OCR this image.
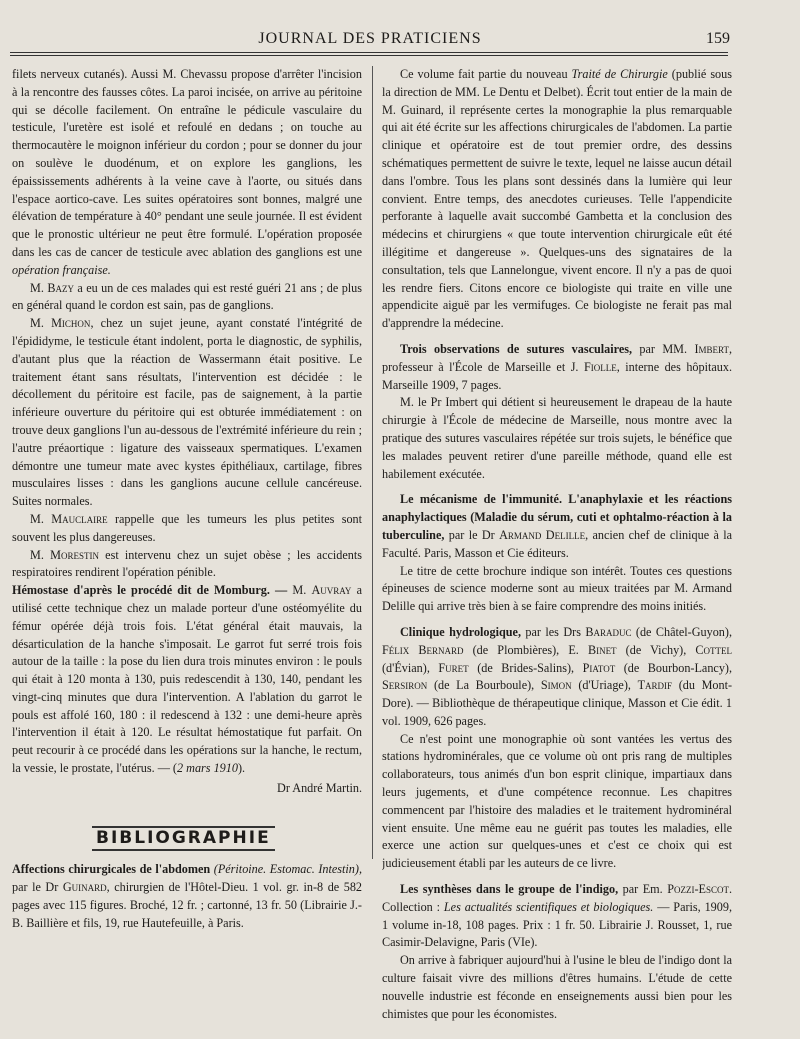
JOURNAL DES PRATICIENS	159

filets nerveux cutanés). Aussi M. Chevassu propose d'arrêter l'incision à la rencontre des fausses côtes. La paroi incisée, on arrive au péritoine qui se décolle facilement. On entraîne le pédicule vasculaire du testicule, l'uretère est isolé et refoulé en dedans ; on touche au thermocautère le moignon inférieur du cordon ; pour se donner du jour on soulève le duodénum, et on explore les ganglions, les épaississements adhérents à la veine cave à l'aorte, ou situés dans l'espace aortico-cave. Les suites opératoires sont bonnes, malgré une élévation de température à 40° pendant une seule journée. Il est évident que le pronostic ultérieur ne peut être formulé. L'opération proposée dans les cas de cancer de testicule avec ablation des ganglions est une opération française.

M. Bazy a eu un de ces malades qui est resté guéri 21 ans ; de plus en général quand le cordon est sain, pas de ganglions.

M. Michon, chez un sujet jeune, ayant constaté l'intégrité de l'épididyme, le testicule étant indolent, porta le diagnostic, de syphilis, d'autant plus que la réaction de Wassermann était positive. Le traitement étant sans résultats, l'intervention est décidée : le décollement du péritoire est facile, pas de saignement, à la partie inférieure ouverture du péritoire qui est obturée immédiatement : on trouve deux ganglions l'un au-dessous de l'extrémité inférieure du rein ; l'autre préaortique : ligature des vaisseaux spermatiques. L'examen démontre une tumeur mate avec kystes épithéliaux, cartilage, fibres musculaires lisses : dans les ganglions aucune cellule cancéreuse. Suites normales.

M. Mauclaire rappelle que les tumeurs les plus petites sont souvent les plus dangereuses.

M. Morestin est intervenu chez un sujet obèse ; les accidents respiratoires rendirent l'opération pénible.

Hémostase d'après le procédé dit de Momburg. — M. Auvray a utilisé cette technique chez un malade porteur d'une ostéomyélite du fémur opérée déjà trois fois. L'état général était mauvais, la désarticulation de la hanche s'imposait. Le garrot fut serré trois fois autour de la taille : la pose du lien dura trois minutes environ : le pouls qui était à 120 monta à 130, puis redescendit à 130, 140, pendant les vingt-cinq minutes que dura l'intervention. A l'ablation du garrot le pouls est affolé 160, 180 : il redescend à 132 : une demi-heure après l'intervention il était à 120. Le résultat hémostatique fut parfait. On peut recourir à ce procédé dans les opérations sur la hanche, le rectum, la vessie, le prostate, l'utérus. — (2 mars 1910).

Dr André Martin.

BIBLIOGRAPHIE

Affections chirurgicales de l'abdomen (Péritoine. Estomac. Intestin), par le Dr Guinard, chirurgien de l'Hôtel-Dieu. 1 vol. gr. in-8 de 582 pages avec 115 figures. Broché, 12 fr. ; cartonné, 13 fr. 50 (Librairie J.-B. Baillière et fils, 19, rue Hautefeuille, à Paris.

Ce volume fait partie du nouveau Traité de Chirurgie (publié sous la direction de MM. Le Dentu et Delbet). Écrit tout entier de la main de M. Guinard, il représente certes la monographie la plus remarquable qui ait été écrite sur les affections chirurgicales de l'abdomen. La partie clinique et opératoire est de tout premier ordre, des dessins schématiques permettent de suivre le texte, lequel ne laisse aucun détail dans l'ombre. Tous les plans sont dessinés dans la lumière qui leur convient. Entre temps, des anecdotes curieuses. Telle l'appendicite perforante à laquelle avait succombé Gambetta et la conclusion des médecins et chirurgiens « que toute intervention chirurgicale eût été illégitime et dangereuse ». Quelques-uns des signataires de la consultation, tels que Lannelongue, vivent encore. Il n'y a pas de quoi les rendre fiers. Citons encore ce biologiste qui traite en ville une appendicite aiguë par les vermifuges. Ce biologiste ne ferait pas mal d'apprendre la médecine.

Trois observations de sutures vasculaires, par MM. Imbert, professeur à l'École de Marseille et J. Fiolle, interne des hôpitaux. Marseille 1909, 7 pages.

M. le Pr Imbert qui détient si heureusement le drapeau de la haute chirurgie à l'École de médecine de Marseille, nous montre avec la pratique des sutures vasculaires répétée sur trois sujets, le bénéfice que les malades peuvent retirer d'une pareille méthode, quand elle est habilement exécutée.

Le mécanisme de l'immunité. L'anaphylaxie et les réactions anaphylactiques (Maladie du sérum, cuti et ophtalmo-réaction à la tuberculine, par le Dr Armand Delille, ancien chef de clinique à la Faculté. Paris, Masson et Cie éditeurs.

Le titre de cette brochure indique son intérêt. Toutes ces questions épineuses de science moderne sont au mieux traitées par M. Armand Delille qui arrive très bien à se faire comprendre des moins initiés.

Clinique hydrologique, par les Drs Baraduc (de Châtel-Guyon), Félix Bernard (de Plombières), E. Binet (de Vichy), Cottel (d'Évian), Furet (de Brides-Salins), Piatot (de Bourbon-Lancy), Sersiron (de La Bourboule), Simon (d'Uriage), Tardif (du Mont-Dore). — Bibliothèque de thérapeutique clinique, Masson et Cie édit. 1 vol. 1909, 626 pages.

Ce n'est point une monographie où sont vantées les vertus des stations hydrominérales, que ce volume où ont pris rang de multiples collaborateurs, tous animés d'un bon esprit clinique, impartiaux dans leurs jugements, et d'une compétence reconnue. Les chapitres commencent par l'histoire des maladies et le traitement hydrominéral vient ensuite. Une même eau ne guérit pas toutes les maladies, elle exerce une action sur quelques-unes et c'est ce choix qui est judicieusement établi par les auteurs de ce livre.

Les synthèses dans le groupe de l'indigo, par Em. Pozzi-Escot. Collection : Les actualités scientifiques et biologiques. — Paris, 1909, 1 volume in-18, 108 pages. Prix : 1 fr. 50. Librairie J. Rousset, 1, rue Casimir-Delavigne, Paris (VIe).

On arrive à fabriquer aujourd'hui à l'usine le bleu de l'indigo dont la culture faisait vivre des millions d'êtres humains. L'étude de cette nouvelle industrie est féconde en enseignements aussi bien pour les chimistes que pour les économistes.
